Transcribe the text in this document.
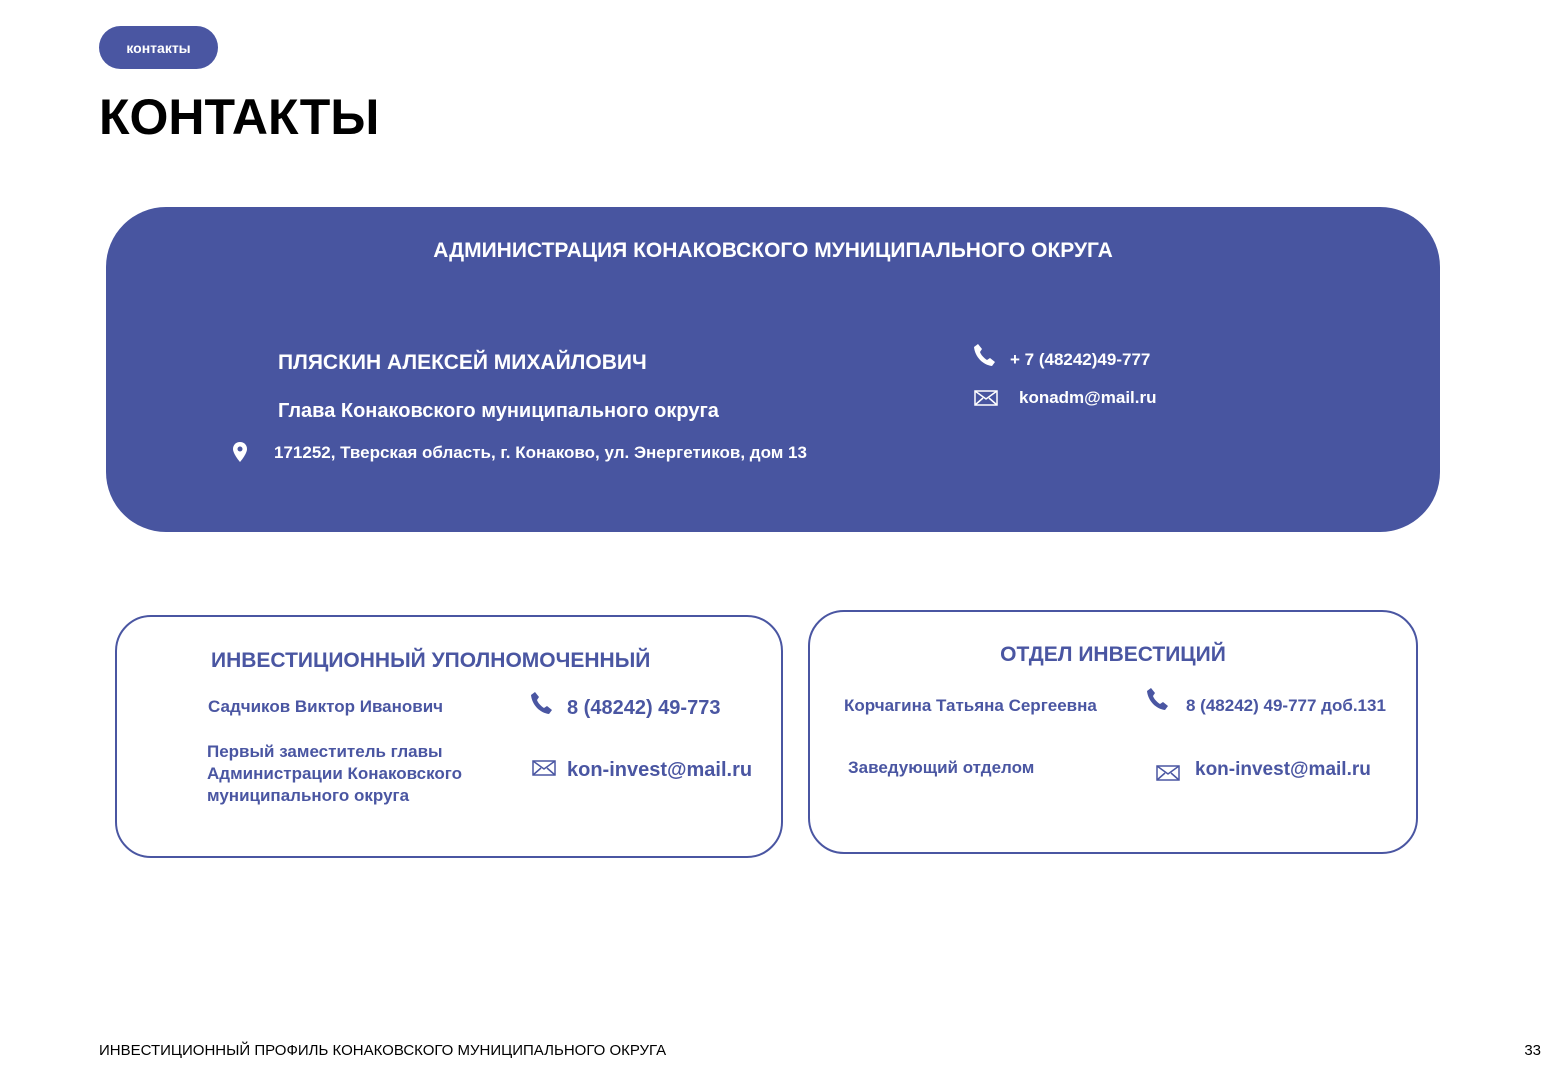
контакты
КОНТАКТЫ
АДМИНИСТРАЦИЯ КОНАКОВСКОГО МУНИЦИПАЛЬНОГО ОКРУГА
ПЛЯСКИН АЛЕКСЕЙ МИХАЙЛОВИЧ
Глава Конаковского муниципального округа
171252, Тверская область, г. Конаково, ул. Энергетиков, дом 13
+ 7 (48242)49-777
konadm@mail.ru
ИНВЕСТИЦИОННЫЙ УПОЛНОМОЧЕННЫЙ
Садчиков Виктор Иванович
Первый заместитель главы
Администрации Конаковского
муниципального округа
8 (48242) 49-773
kon-invest@mail.ru
ОТДЕЛ ИНВЕСТИЦИЙ
Корчагина Татьяна Сергеевна
Заведующий отделом
8 (48242) 49-777 доб.131
kon-invest@mail.ru
ИНВЕСТИЦИОННЫЙ ПРОФИЛЬ КОНАКОВСКОГО МУНИЦИПАЛЬНОГО ОКРУГА	33
